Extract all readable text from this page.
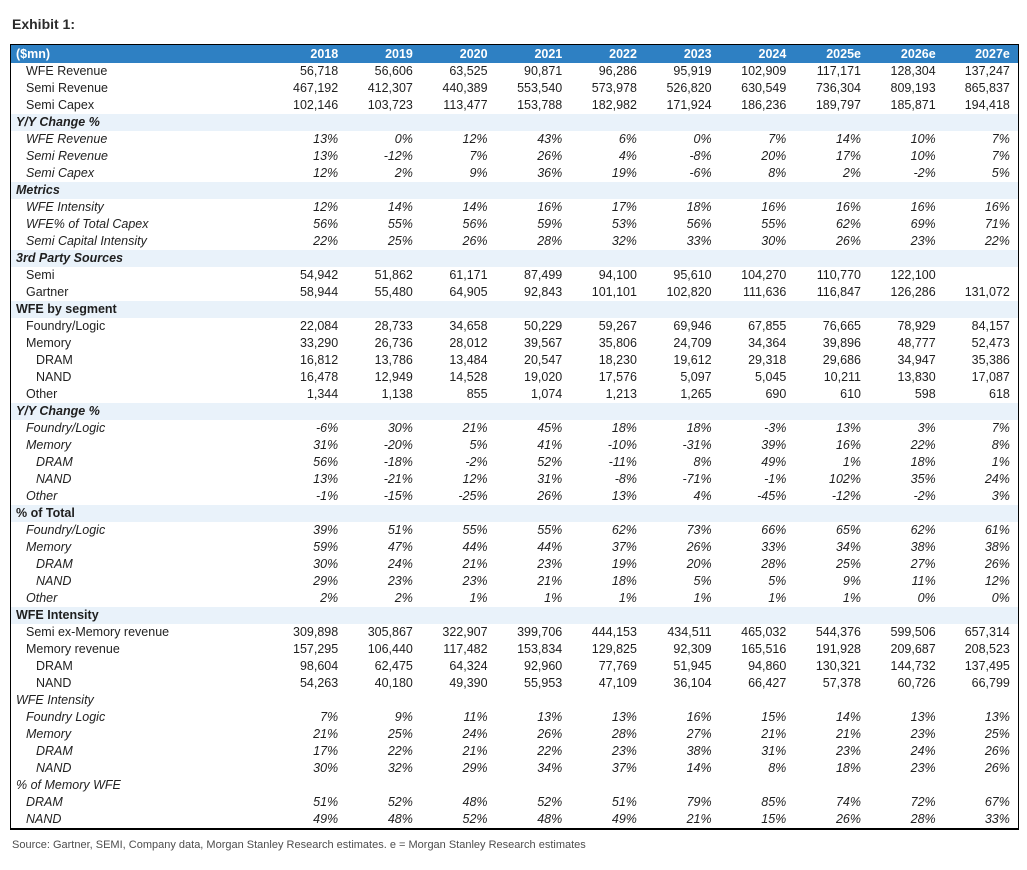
Exhibit 1:
($mn)	2018	2019	2020	2021	2022	2023	2024	2025e	2026e	2027e
WFE Revenue	56,718	56,606	63,525	90,871	96,286	95,919	102,909	117,171	128,304	137,247
Semi Revenue	467,192	412,307	440,389	553,540	573,978	526,820	630,549	736,304	809,193	865,837
Semi Capex	102,146	103,723	113,477	153,788	182,982	171,924	186,236	189,797	185,871	194,418
Y/Y Change %										
WFE Revenue	13%	0%	12%	43%	6%	0%	7%	14%	10%	7%
Semi Revenue	13%	-12%	7%	26%	4%	-8%	20%	17%	10%	7%
Semi Capex	12%	2%	9%	36%	19%	-6%	8%	2%	-2%	5%
Metrics										
WFE Intensity	12%	14%	14%	16%	17%	18%	16%	16%	16%	16%
WFE% of Total Capex	56%	55%	56%	59%	53%	56%	55%	62%	69%	71%
Semi Capital Intensity	22%	25%	26%	28%	32%	33%	30%	26%	23%	22%
3rd Party Sources										
Semi	54,942	51,862	61,171	87,499	94,100	95,610	104,270	110,770	122,100	
Gartner	58,944	55,480	64,905	92,843	101,101	102,820	111,636	116,847	126,286	131,072
WFE by segment										
Foundry/Logic	22,084	28,733	34,658	50,229	59,267	69,946	67,855	76,665	78,929	84,157
Memory	33,290	26,736	28,012	39,567	35,806	24,709	34,364	39,896	48,777	52,473
DRAM	16,812	13,786	13,484	20,547	18,230	19,612	29,318	29,686	34,947	35,386
NAND	16,478	12,949	14,528	19,020	17,576	5,097	5,045	10,211	13,830	17,087
Other	1,344	1,138	855	1,074	1,213	1,265	690	610	598	618
Y/Y Change %										
Foundry/Logic	-6%	30%	21%	45%	18%	18%	-3%	13%	3%	7%
Memory	31%	-20%	5%	41%	-10%	-31%	39%	16%	22%	8%
DRAM	56%	-18%	-2%	52%	-11%	8%	49%	1%	18%	1%
NAND	13%	-21%	12%	31%	-8%	-71%	-1%	102%	35%	24%
Other	-1%	-15%	-25%	26%	13%	4%	-45%	-12%	-2%	3%
% of Total										
Foundry/Logic	39%	51%	55%	55%	62%	73%	66%	65%	62%	61%
Memory	59%	47%	44%	44%	37%	26%	33%	34%	38%	38%
DRAM	30%	24%	21%	23%	19%	20%	28%	25%	27%	26%
NAND	29%	23%	23%	21%	18%	5%	5%	9%	11%	12%
Other	2%	2%	1%	1%	1%	1%	1%	1%	0%	0%
WFE Intensity										
Semi ex-Memory revenue	309,898	305,867	322,907	399,706	444,153	434,511	465,032	544,376	599,506	657,314
Memory revenue	157,295	106,440	117,482	153,834	129,825	92,309	165,516	191,928	209,687	208,523
DRAM	98,604	62,475	64,324	92,960	77,769	51,945	94,860	130,321	144,732	137,495
NAND	54,263	40,180	49,390	55,953	47,109	36,104	66,427	57,378	60,726	66,799
WFE Intensity										
Foundry Logic	7%	9%	11%	13%	13%	16%	15%	14%	13%	13%
Memory	21%	25%	24%	26%	28%	27%	21%	21%	23%	25%
DRAM	17%	22%	21%	22%	23%	38%	31%	23%	24%	26%
NAND	30%	32%	29%	34%	37%	14%	8%	18%	23%	26%
% of Memory WFE										
DRAM	51%	52%	48%	52%	51%	79%	85%	74%	72%	67%
NAND	49%	48%	52%	48%	49%	21%	15%	26%	28%	33%
Source: Gartner, SEMI, Company data, Morgan Stanley Research estimates. e = Morgan Stanley Research estimates
